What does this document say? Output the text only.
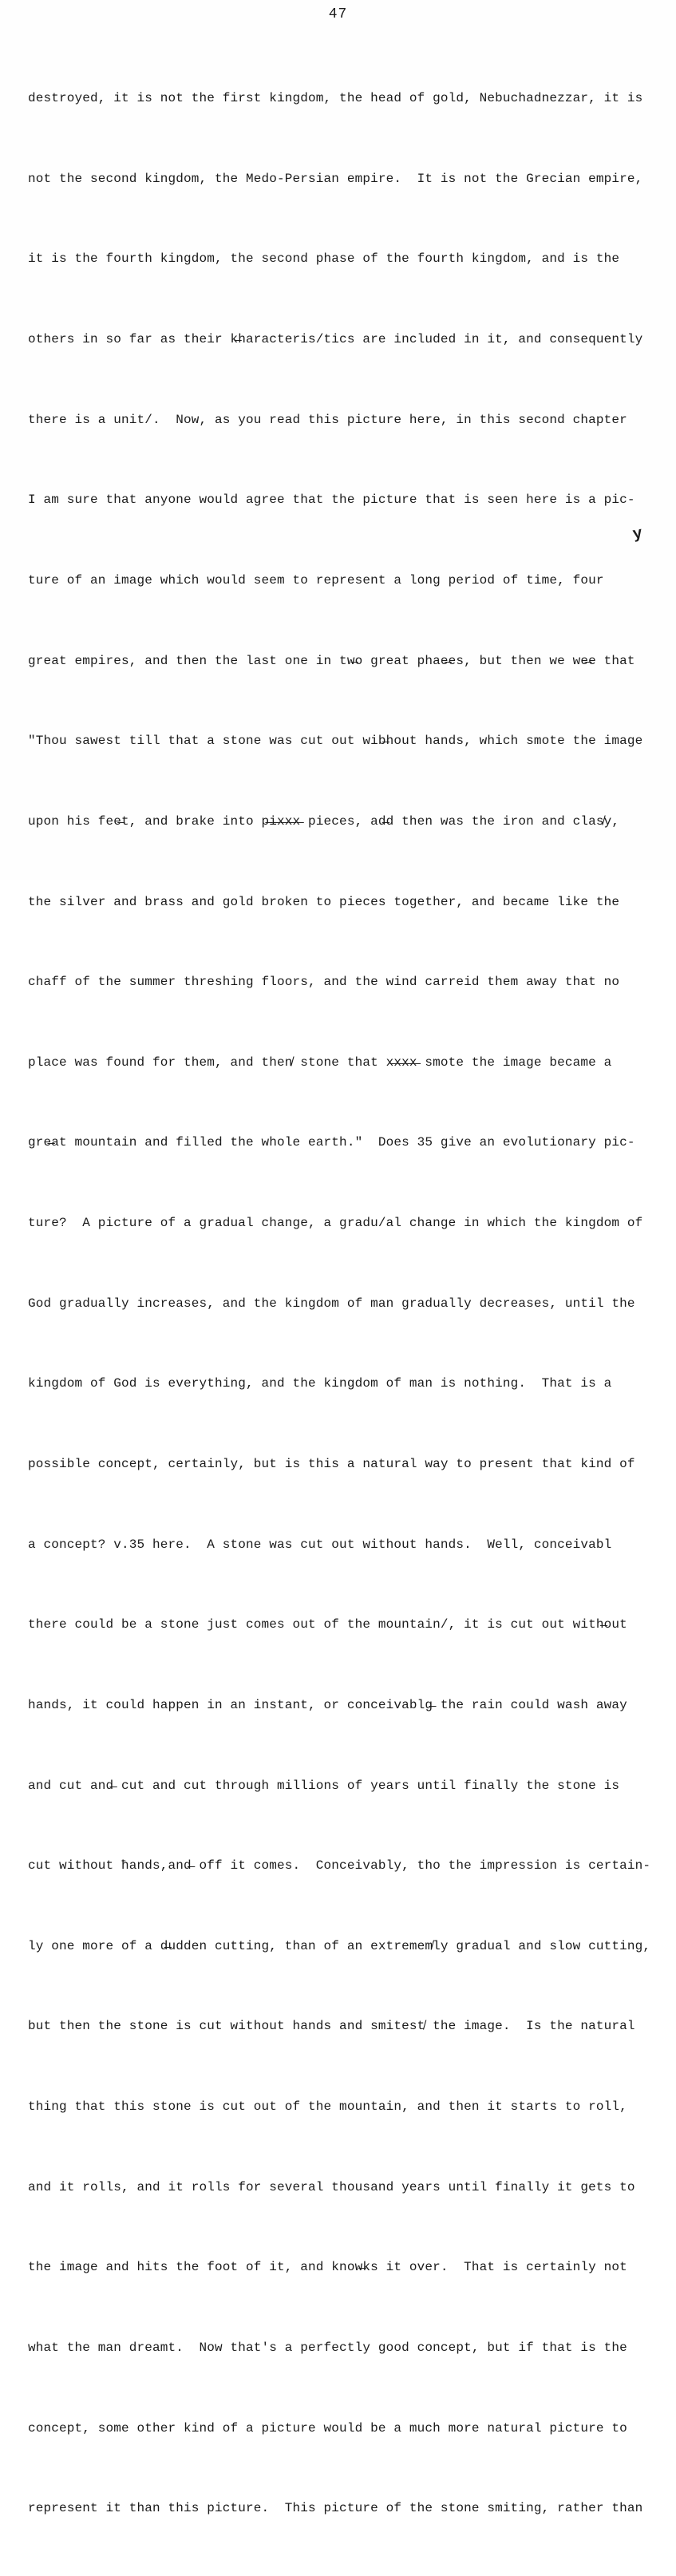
47

destroyed, it is not the first kingdom, the head of gold, Nebuchadnezzar, it is

not the second kingdom, the Medo-Persian empire.  It is not the Grecian empire,

it is the fourth kingdom, the second phase of the fourth kingdom, and is the

others in so far as their k̶haracteris/tics are included in it, and consequently

there is a unit/.  Now, as you read this picture here, in this second chapter

I am sure that anyone would agree that the picture that is seen here is a pic-

ture of an image which would seem to represent a long period of time, four

great empires, and then the last one in tw̶o great phae̶es, but then we we̶e that

"Thou sawest till that a stone was cut out wib̶hout hands, which smote the image

upon his fee̶t, and brake into p̶i̶x̶x̶x̶ pieces, ad̶d then was the iron and clas̸y,

the silver and brass and gold broken to pieces together, and became like the

chaff of the summer threshing floors, and the wind carreid them away that no

place was found for them, and then̸ stone that x̶x̶x̶x̶ smote the image became a

gre̶at mountain and filled the whole earth."  Does 35 give an evolutionary pic-

ture?  A picture of a gradual change, a gradu/al change in which the kingdom of

God gradually increases, and the kingdom of man gradually decreases, until the

kingdom of God is everything, and the kingdom of man is nothing.  That is a

possible concept, certainly, but is this a natural way to present that kind of

a concept? v.35 here.  A stone was cut out without hands.  Well, conceivabl

there could be a stone just comes out of the mountain/, it is cut out with̶out

hands, it could happen in an instant, or conceivablg̶ the rain could wash away

and cut and̶ cut and cut through millions of years until finally the stone is

cut without ħands,and̶ off it comes.  Conceivably, tho the impression is certain-

ly one more of a d̶udden cutting, than of an extremem̸ly gradual and slow cutting,

but then the stone is cut without hands and smitest̸ the image.  Is the natural

thing that this stone is cut out of the mountain, and then it starts to roll,

and it rolls, and it rolls for several thousand years until finally it gets to

the image and hits the foot of it, and know̶ks it over.  That is certainly not

what the man dreamt.  Now that's a perfectly good concept, but if that is the

concept, some other kind of a picture would be a much more natural picture to

represent it than this picture.  This picture of the stone smiting, rather than

y
